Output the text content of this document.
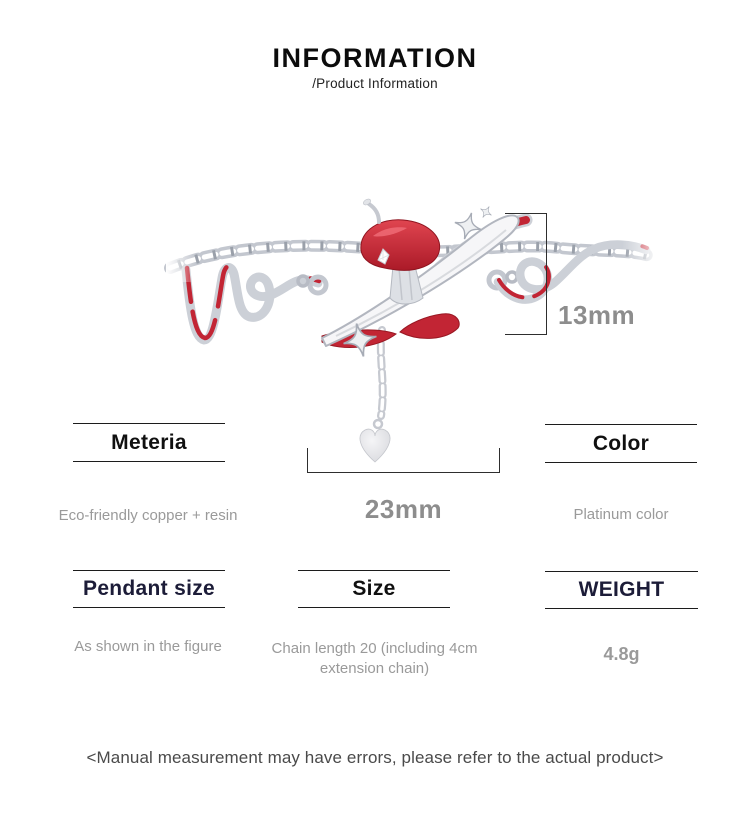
INFORMATION
/Product Information
13mm
23mm
Meteria
Eco-friendly copper + resin
Color
Platinum color
Pendant size
As shown in the figure
Size
Chain length 20 (including 4cm extension chain)
WEIGHT
4.8g
<Manual measurement may have errors, please refer to the actual product>
